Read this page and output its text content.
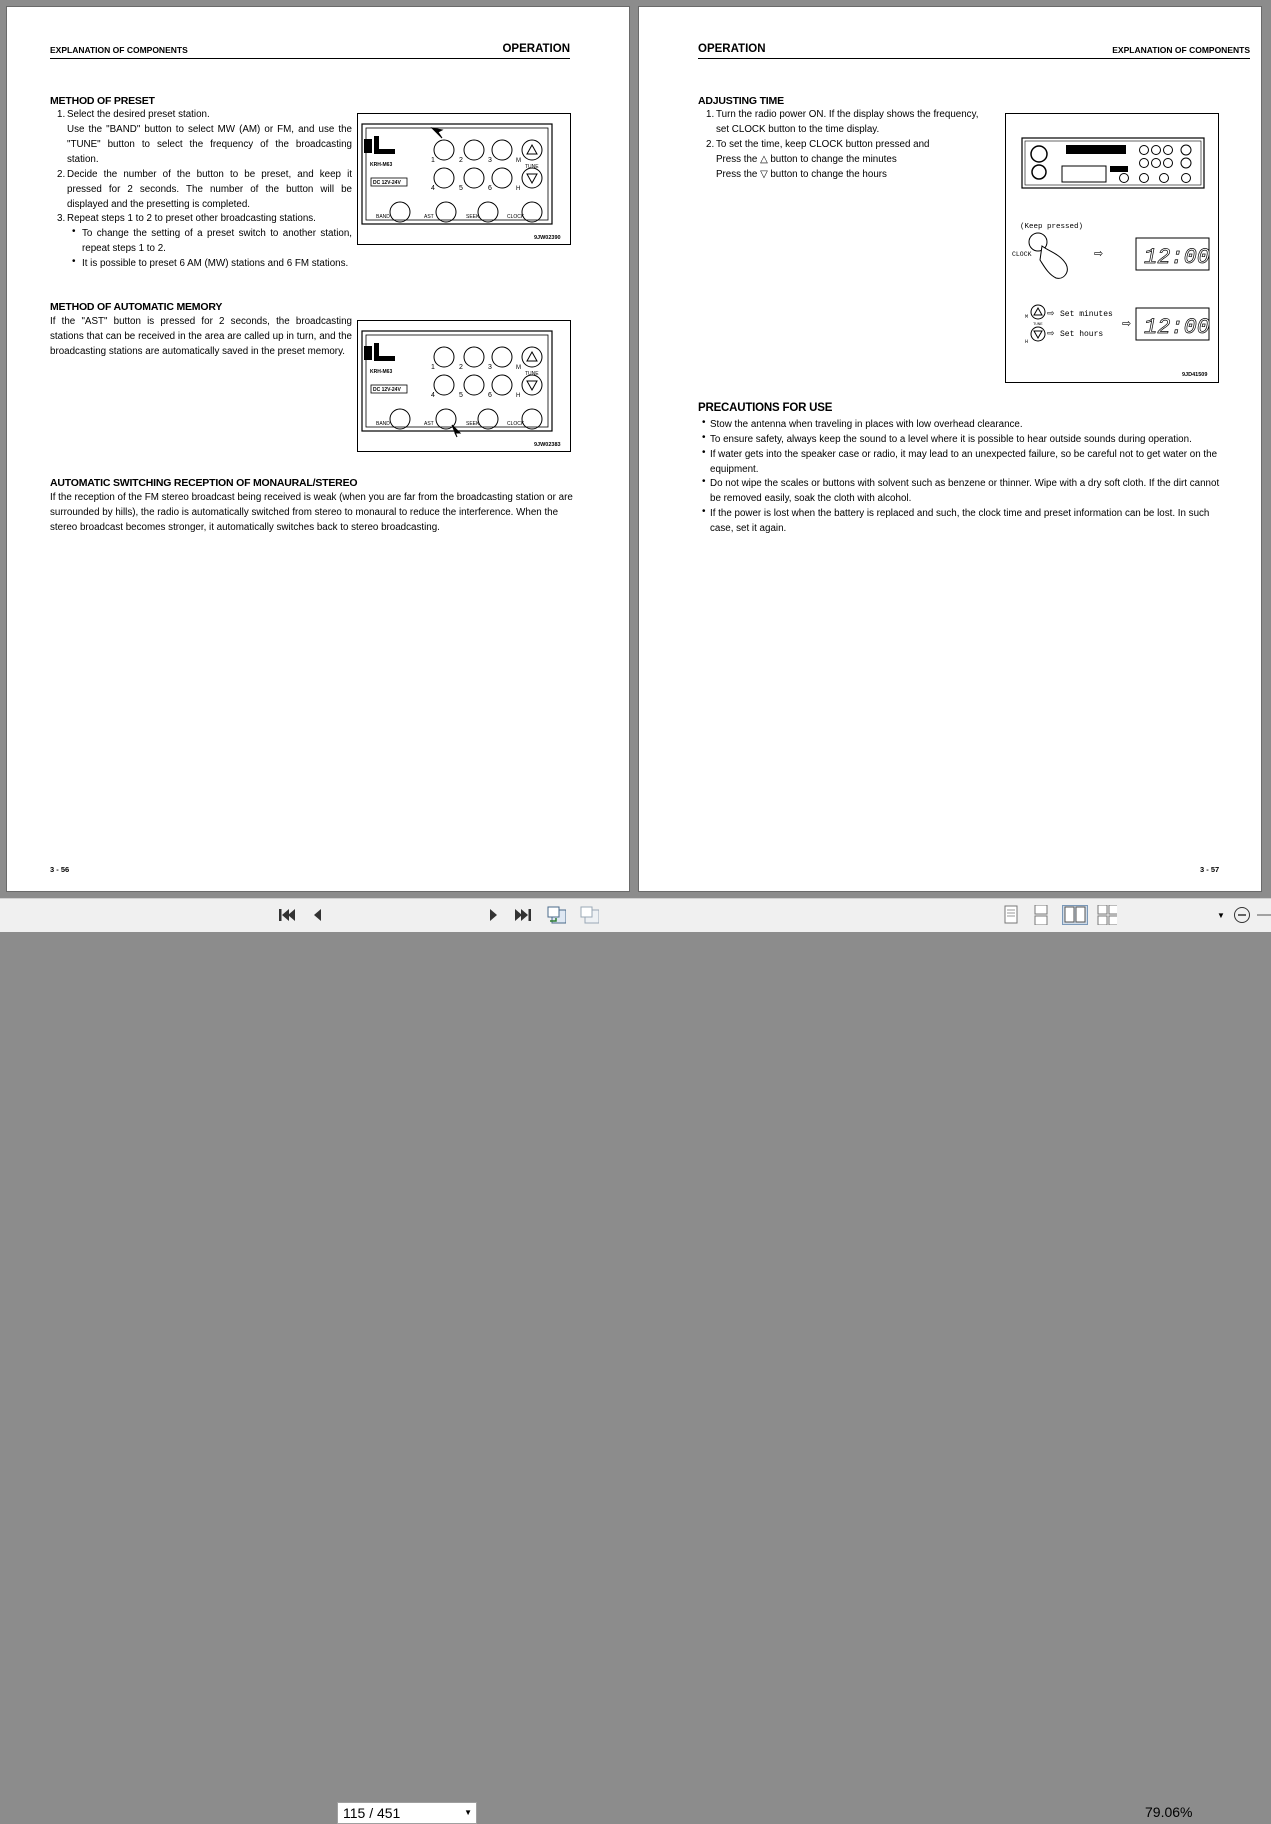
EXPLANATION OF COMPONENTS	OPERATION
METHOD OF PRESET
1. Select the desired preset station.
Use the "BAND" button to select MW (AM) or FM, and use the "TUNE" button to select the frequency of the broadcasting station.
2. Decide the number of the button to be preset, and keep it pressed for 2 seconds. The number of the button will be displayed and the presetting is completed.
3. Repeat steps 1 to 2 to preset other broadcasting stations.
• To change the setting of a preset switch to another station, repeat steps 1 to 2.
• It is possible to preset 6 AM (MW) stations and 6 FM stations.
KRH-M63
DC 12V-24V
1	2	3
4	5	6
M
H
TUNE
BAND	AST	SEEK	CLOCK
9JW02390
METHOD OF AUTOMATIC MEMORY
If the "AST" button is pressed for 2 seconds, the broadcasting stations that can be received in the area are called up in turn, and the broadcasting stations are automatically saved in the preset memory.
KRH-M63
DC 12V-24V
1	2	3
4	5	6
M
H
TUNE
BAND	AST	SEEK	CLOCK
9JW02383
AUTOMATIC SWITCHING RECEPTION OF MONAURAL/STEREO
If the reception of the FM stereo broadcast being received is weak (when you are far from the broadcasting station or are surrounded by hills), the radio is automatically switched from stereo to monaural to reduce the interference. When the stereo broadcast becomes stronger, it automatically switches back to stereo broadcasting.
3 - 56
OPERATION	EXPLANATION OF COMPONENTS
ADJUSTING TIME
1. Turn the radio power ON. If the display shows the frequency,
set CLOCK button to the time display.
2. To set the time, keep CLOCK button pressed and
Press the △ button to change the minutes
Press the ▽ button to change the hours
(Keep pressed)
CLOCK	⇨ 12:00
M
H
TUNE
⇨ Set minutes
⇨ Set hours
⇨ 12:00
9JD41509
PRECAUTIONS FOR USE
• Stow the antenna when traveling in places with low overhead clearance.
• To ensure safety, always keep the sound to a level where it is possible to hear outside sounds during operation.
• If water gets into the speaker case or radio, it may lead to an unexpected failure, so be careful not to get water on the equipment.
• Do not wipe the scales or buttons with solvent such as benzene or thinner. Wipe with a dry soft cloth. If the dirt cannot be removed easily, soak the cloth with alcohol.
• If the power is lost when the battery is replaced and such, the clock time and preset information can be lost. In such case, set it again.
3 - 57
115 / 451	▼	79.06%
▼
